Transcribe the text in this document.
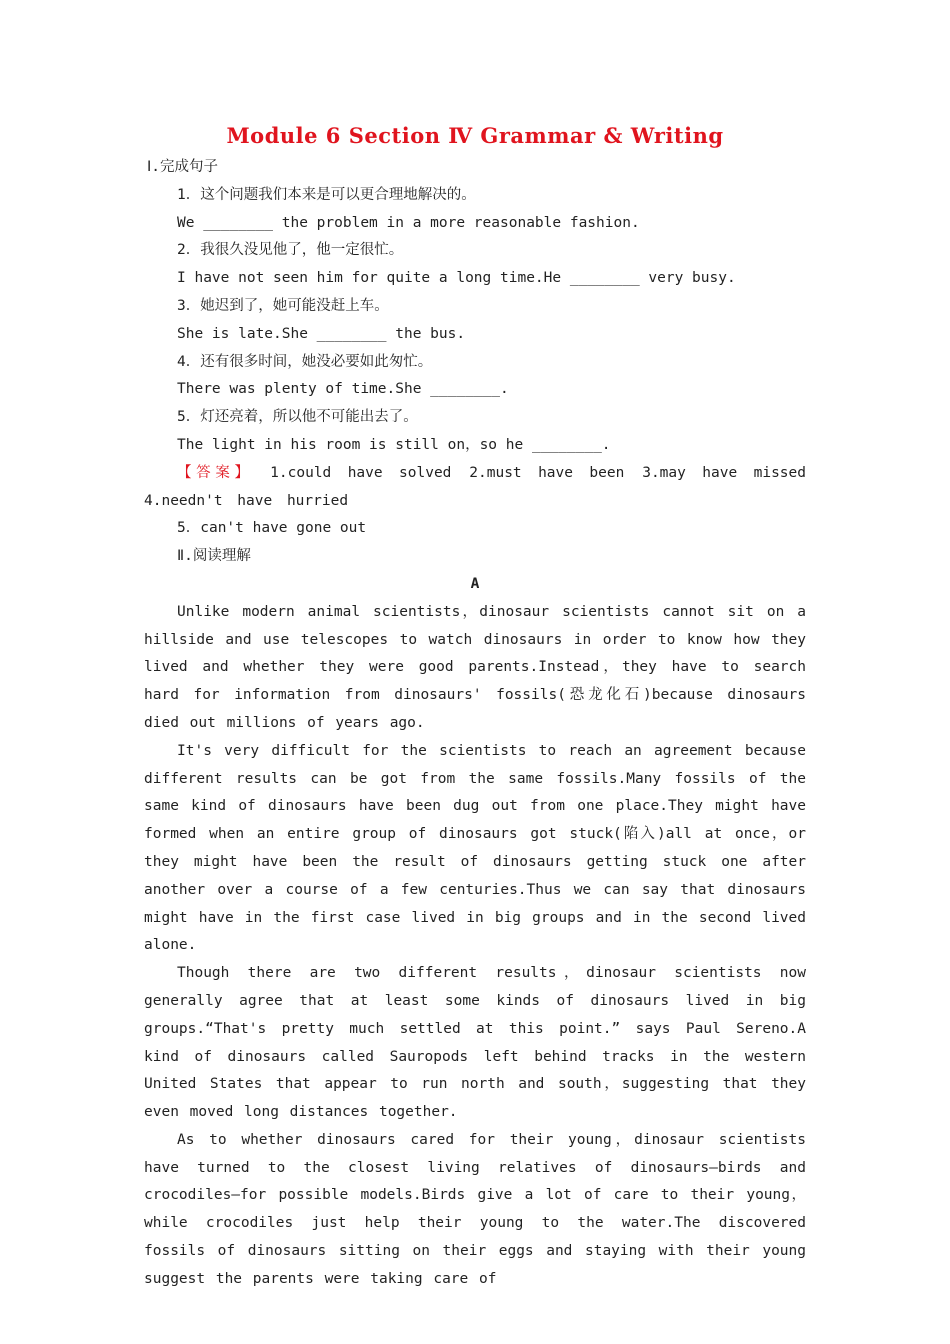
Module 6 Section Ⅳ Grammar & Writing

Ⅰ.完成句子

1．这个问题我们本来是可以更合理地解决的。

We ________ the problem in a more reasonable fashion.

2．我很久没见他了，他一定很忙。

I have not seen him for quite a long time.He ________ very busy.

3．她迟到了，她可能没赶上车。

She is late.She ________ the bus.

4．还有很多时间，她没必要如此匆忙。

There was plenty of time.She ________.

5．灯还亮着，所以他不可能出去了。

The light in his room is still on，so he ________.

【答案】 1.could have solved　2.must have been　3.may have missed 4.needn't have hurried

5．can't have gone out

Ⅱ.阅读理解

A

Unlike modern animal scientists，dinosaur scientists cannot sit on a hillside and use telescopes to watch dinosaurs in order to know how they lived and whether they were good parents.Instead，they have to search hard for information from dinosaurs' fossils(恐龙化石)because dinosaurs died out millions of years ago.

It's very difficult for the scientists to reach an agreement because different results can be got from the same fossils.Many fossils of the same kind of dinosaurs have been dug out from one place.They might have formed when an entire group of dinosaurs got stuck(陷入)all at once，or they might have been the result of dinosaurs getting stuck one after another over a course of a few centuries.Thus we can say that dinosaurs might have in the first case lived in big groups and in the second lived alone.

Though there are two different results，dinosaur scientists now generally agree that at least some kinds of dinosaurs lived in big groups.“That's pretty much settled at this point.” says Paul Sereno.A kind of dinosaurs called Sauropods left behind tracks in the western United States that appear to run north and south，suggesting that they even moved long distances together.

As to whether dinosaurs cared for their young，dinosaur scientists have turned to the closest living relatives of dinosaurs—birds and crocodiles—for possible models.Birds give a lot of care to their young，while crocodiles just help their young to the water.The discovered fossils of dinosaurs sitting on their eggs and staying with their young suggest the parents were taking care of
